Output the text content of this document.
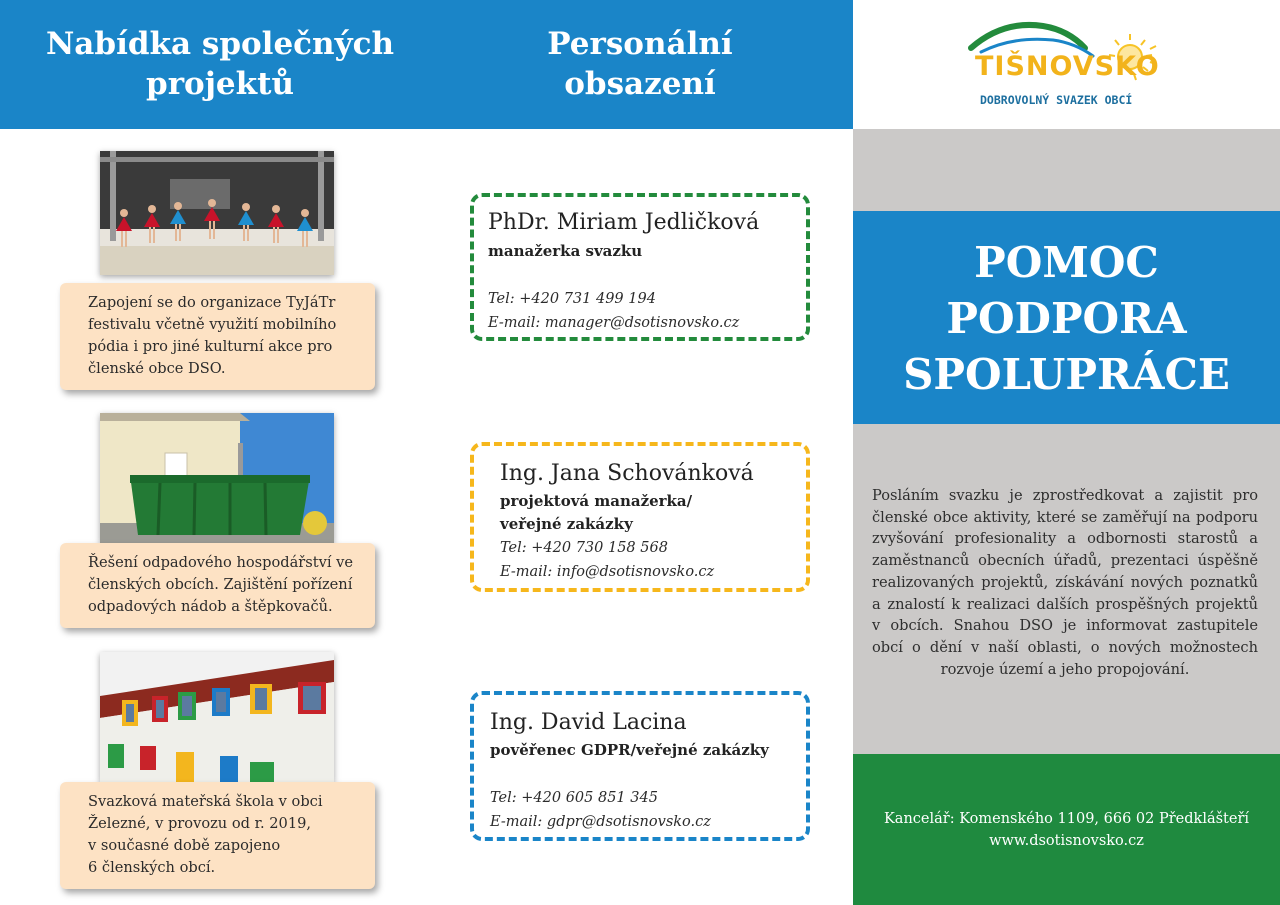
Nabídka společných
projektů
Personální
obsazení	TIŠNOVSKO
DOBROVOLNÝ SVAZEK OBCÍ
POMOC
PODPORA
SPOLUPRÁCE
Posláním svazku je zprostředkovat a zajistit pro členské obce aktivity, které se zaměřují na podporu zvyšování profesionality a odbornosti starostů a zaměstnanců obecních úřadů, prezentaci úspěšně realizovaných projektů, získávání nových poznatků a znalostí k realizaci dalších prospěšných projektů v obcích. Snahou DSO je informovat zastupitele obcí o dění v naší oblasti, o nových možnostech rozvoje území a jeho propojování.
Kancelář: Komenského 1109, 666 02 Předklášteří
www.dsotisnovsko.cz
Zapojení se do organizace TyJáTr
festivalu včetně využití mobilního
pódia i pro jiné kulturní akce pro
členské obce DSO.
Řešení odpadového hospodářství ve
členských obcích. Zajištění pořízení
odpadových nádob a štěpkovačů.
Svazková mateřská škola v obci
Železné, v provozu od r. 2019,
v současné době zapojeno
6 členských obcí.
PhDr. Miriam Jedličková
manažerka svazku
Tel: +420 731 499 194
E-mail: manager@dsotisnovsko.cz
Ing. Jana Schovánková
projektová manažerka/
veřejné zakázky
Tel: +420 730 158 568
E-mail: info@dsotisnovsko.cz
Ing. David Lacina
pověřenec GDPR/veřejné zakázky
Tel: +420 605 851 345
E-mail: gdpr@dsotisnovsko.cz
